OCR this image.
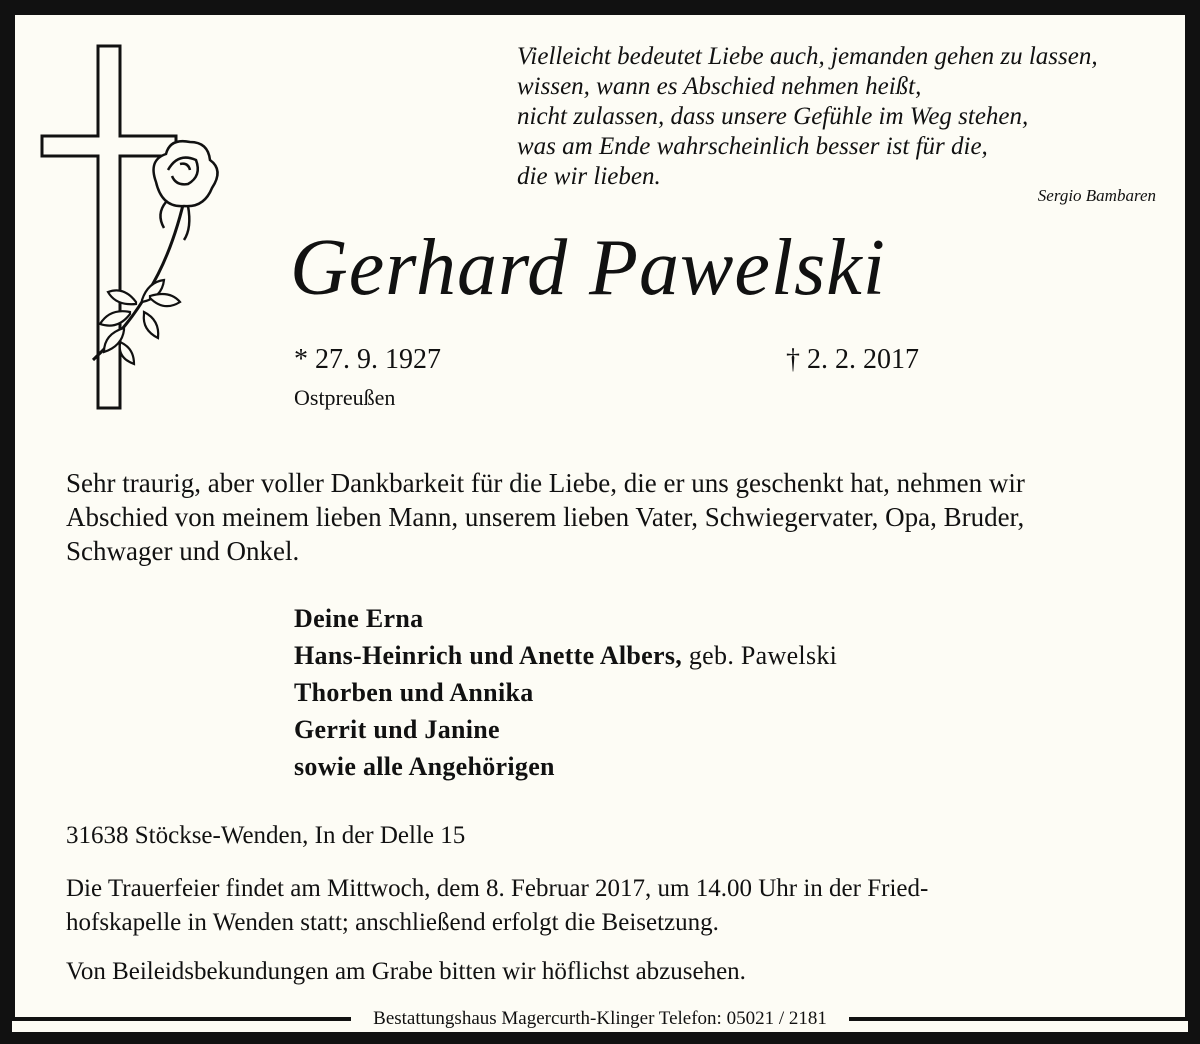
Vielleicht bedeutet Liebe auch, jemanden gehen zu lassen,
wissen, wann es Abschied nehmen heißt,
nicht zulassen, dass unsere Gefühle im Weg stehen,
was am Ende wahrscheinlich besser ist für die,
die wir lieben.
Sergio Bambaren
Gerhard Pawelski
* 27. 9. 1927
Ostpreußen
† 2. 2. 2017
Sehr traurig, aber voller Dankbarkeit für die Liebe, die er uns geschenkt hat, nehmen wir
Abschied von meinem lieben Mann, unserem lieben Vater, Schwiegervater, Opa, Bruder,
Schwager und Onkel.
Deine Erna
Hans-Heinrich und Anette Albers, geb. Pawelski
Thorben und Annika
Gerrit und Janine
sowie alle Angehörigen
31638 Stöckse-Wenden, In der Delle 15
Die Trauerfeier findet am Mittwoch, dem 8. Februar 2017, um 14.00 Uhr in der Fried-
hofskapelle in Wenden statt; anschließend erfolgt die Beisetzung.
Von Beileidsbekundungen am Grabe bitten wir höflichst abzusehen.
Bestattungshaus Magercurth-Klinger Telefon: 05021 / 2181
